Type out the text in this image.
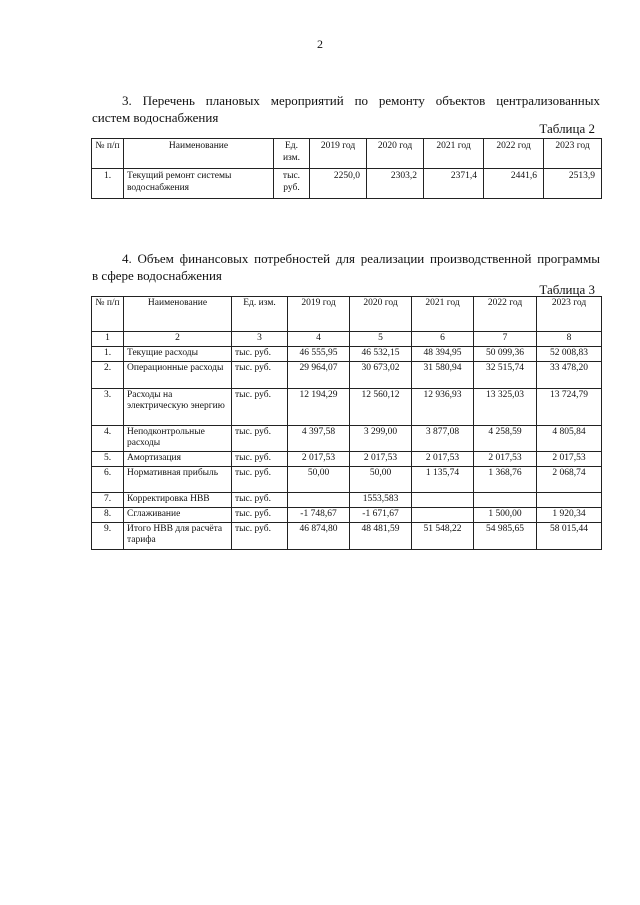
2

3. Перечень плановых мероприятий по ремонту объектов централизованных

систем водоснабжения

Таблица 2
№ п/п	Наименование	Ед. изм.	2019 год	2020 год	2021 год	2022 год	2023 год
1.	Текущий ремонт системы водоснабжения	тыс. руб.	2250,0	2303,2	2371,4	2441,6	2513,9

4. Объем финансовых потребностей для реализации производственной программы

в сфере водоснабжения

Таблица 3
№ п/п	Наименование	Ед. изм.	2019 год	2020 год	2021 год	2022 год	2023 год
1	2	3	4	5	6	7	8
1.	Текущие расходы	тыс. руб.	46 555,95	46 532,15	48 394,95	50 099,36	52 008,83
2.	Операционные расходы	тыс. руб.	29 964,07	30 673,02	31 580,94	32 515,74	33 478,20
3.	Расходы на электрическую энергию	тыс. руб.	12 194,29	12 560,12	12 936,93	13 325,03	13 724,79
4.	Неподконтрольные расходы	тыс. руб.	4 397,58	3 299,00	3 877,08	4 258,59	4 805,84
5.	Амортизация	тыс. руб.	2 017,53	2 017,53	2 017,53	2 017,53	2 017,53
6.	Нормативная прибыль	тыс. руб.	50,00	50,00	1 135,74	1 368,76	2 068,74
7.	Корректировка НВВ	тыс. руб.		1553,583			
8.	Сглаживание	тыс. руб.	-1 748,67	-1 671,67		1 500,00	1 920,34
9.	Итого НВВ для расчёта тарифа	тыс. руб.	46 874,80	48 481,59	51 548,22	54 985,65	58 015,44
